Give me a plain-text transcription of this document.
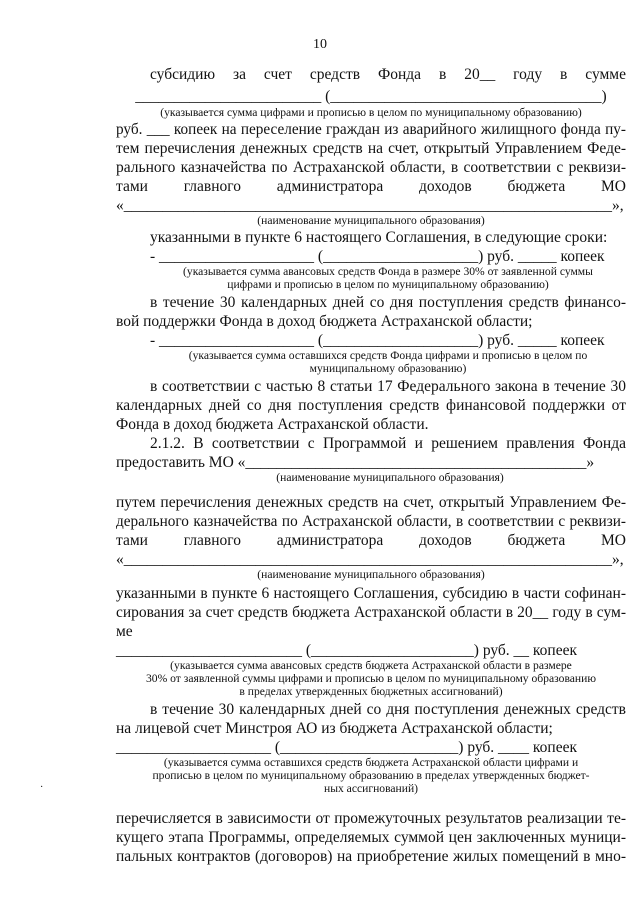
10

субсидию за счет средств Фонда в 20__ году в сумме

________________________ (___________________________________)

(указывается сумма цифрами и прописью в целом по муниципальному образованию)

руб. ___ копеек на переселение граждан из аварийного жилищного фонда пу-

тем перечисления денежных средств на счет, открытый Управлением Феде-

рального казначейства по Астраханской области, в соответствии с реквизи-

тами главного администратора доходов бюджета МО

«_______________________________________________________________»,

(наименование муниципального образования)

указанными в пункте 6 настоящего Соглашения, в следующие сроки:

- ____________________ (____________________) руб. _____ копеек

(указывается сумма авансовых средств Фонда в размере 30% от заявленной суммы

цифрами и прописью в целом по муниципальному образованию)

в течение 30 календарных дней со дня поступления средств финансо-

вой поддержки Фонда в доход бюджета Астраханской области;

- ____________________ (____________________) руб. _____ копеек

(указывается сумма оставшихся средств Фонда цифрами и прописью в целом по

муниципальному образованию)

в соответствии с частью 8 статьи 17 Федерального закона в течение 30

календарных дней со дня поступления средств финансовой поддержки от

Фонда в доход бюджета Астраханской области.

2.1.2. В соответствии с Программой и решением правления Фонда

предоставить МО «____________________________________________»

(наименование муниципального образования)

путем перечисления денежных средств на счет, открытый Управлением Фе-

дерального казначейства по Астраханской области, в соответствии с реквизи-

тами главного администратора доходов бюджета МО

«_______________________________________________________________»,

(наименование муниципального образования)

указанными в пункте 6 настоящего Соглашения, субсидию в части софинан-

сирования за счет средств бюджета Астраханской области в 20__ году в сум-

ме

________________________ (_____________________) руб. __ копеек

(указывается сумма авансовых средств бюджета Астраханской области в размере

30% от заявленной суммы цифрами и прописью в целом по муниципальному образованию

в пределах утвержденных бюджетных ассигнований)

в течение 30 календарных дней со дня поступления денежных средств

на лицевой счет Минстроя АО из бюджета Астраханской области;

____________________ (_______________________) руб. ____ копеек

(указывается сумма оставшихся средств бюджета Астраханской области цифрами и

прописью в целом по муниципальному образованию в пределах утвержденных бюджет-

ных ассигнований)

перечисляется в зависимости от промежуточных результатов реализации те-

кущего этапа Программы, определяемых суммой цен заключенных муници-

пальных контрактов (договоров) на приобретение жилых помещений в мно-

·
